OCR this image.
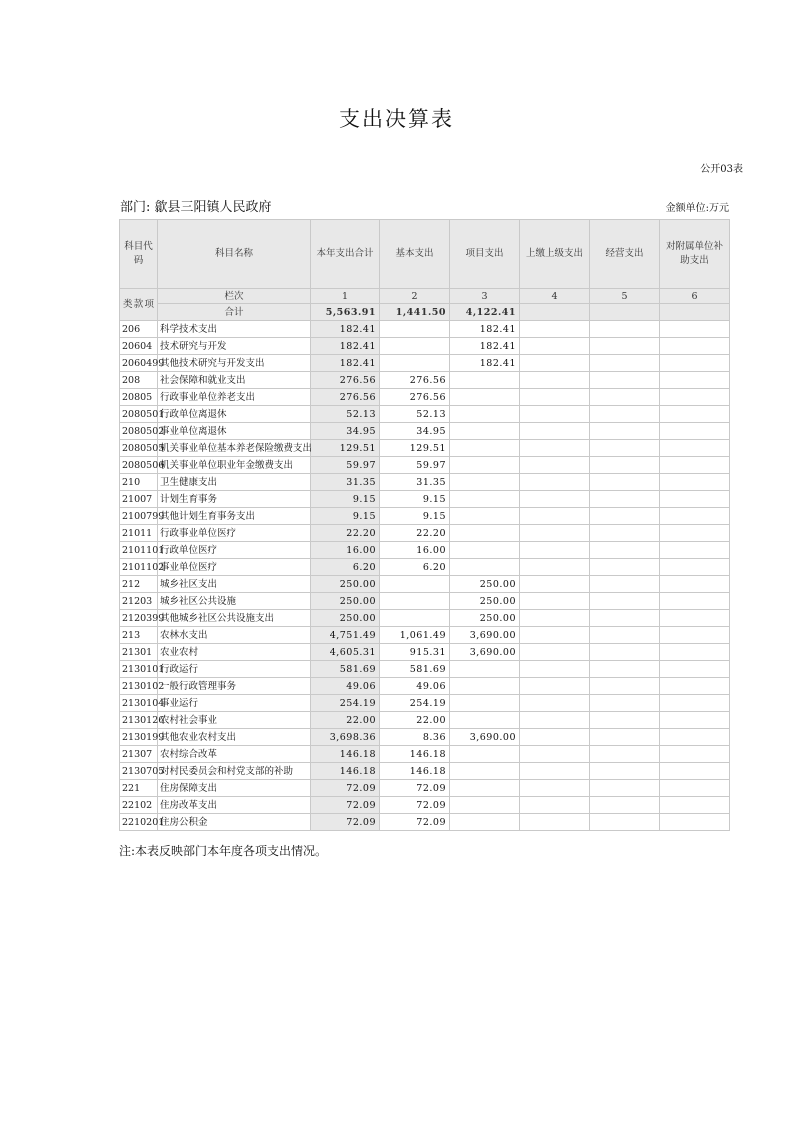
支出决算表
公开03表
部门: 歙县三阳镇人民政府	金额单位:万元
科目代码	科目名称	本年支出合计	基本支出	项目支出	上缴上级支出	经营支出	对附属单位补助支出

类 款 项	栏次	1	2	3	4	5	6
	合计	5,563.91	1,441.50	4,122.41			
206	科学技术支出	182.41		182.41			
20604	技术研究与开发	182.41		182.41			
2060499	其他技术研究与开发支出	182.41		182.41			
208	社会保障和就业支出	276.56	276.56				
20805	行政事业单位养老支出	276.56	276.56				
2080501	行政单位离退休	52.13	52.13				
2080502	事业单位离退休	34.95	34.95				
2080505	机关事业单位基本养老保险缴费支出	129.51	129.51				
2080506	机关事业单位职业年金缴费支出	59.97	59.97				
210	卫生健康支出	31.35	31.35				
21007	计划生育事务	9.15	9.15				
2100799	其他计划生育事务支出	9.15	9.15				
21011	行政事业单位医疗	22.20	22.20				
2101101	行政单位医疗	16.00	16.00				
2101102	事业单位医疗	6.20	6.20				
212	城乡社区支出	250.00		250.00			
21203	城乡社区公共设施	250.00		250.00			
2120399	其他城乡社区公共设施支出	250.00		250.00			
213	农林水支出	4,751.49	1,061.49	3,690.00			
21301	农业农村	4,605.31	915.31	3,690.00			
2130101	行政运行	581.69	581.69				
2130102	一般行政管理事务	49.06	49.06				
2130104	事业运行	254.19	254.19				
2130126	农村社会事业	22.00	22.00				
2130199	其他农业农村支出	3,698.36	8.36	3,690.00			
21307	农村综合改革	146.18	146.18				
2130705	对村民委员会和村党支部的补助	146.18	146.18				
221	住房保障支出	72.09	72.09				
22102	住房改革支出	72.09	72.09				
2210201	住房公积金	72.09	72.09				
注:本表反映部门本年度各项支出情况。
